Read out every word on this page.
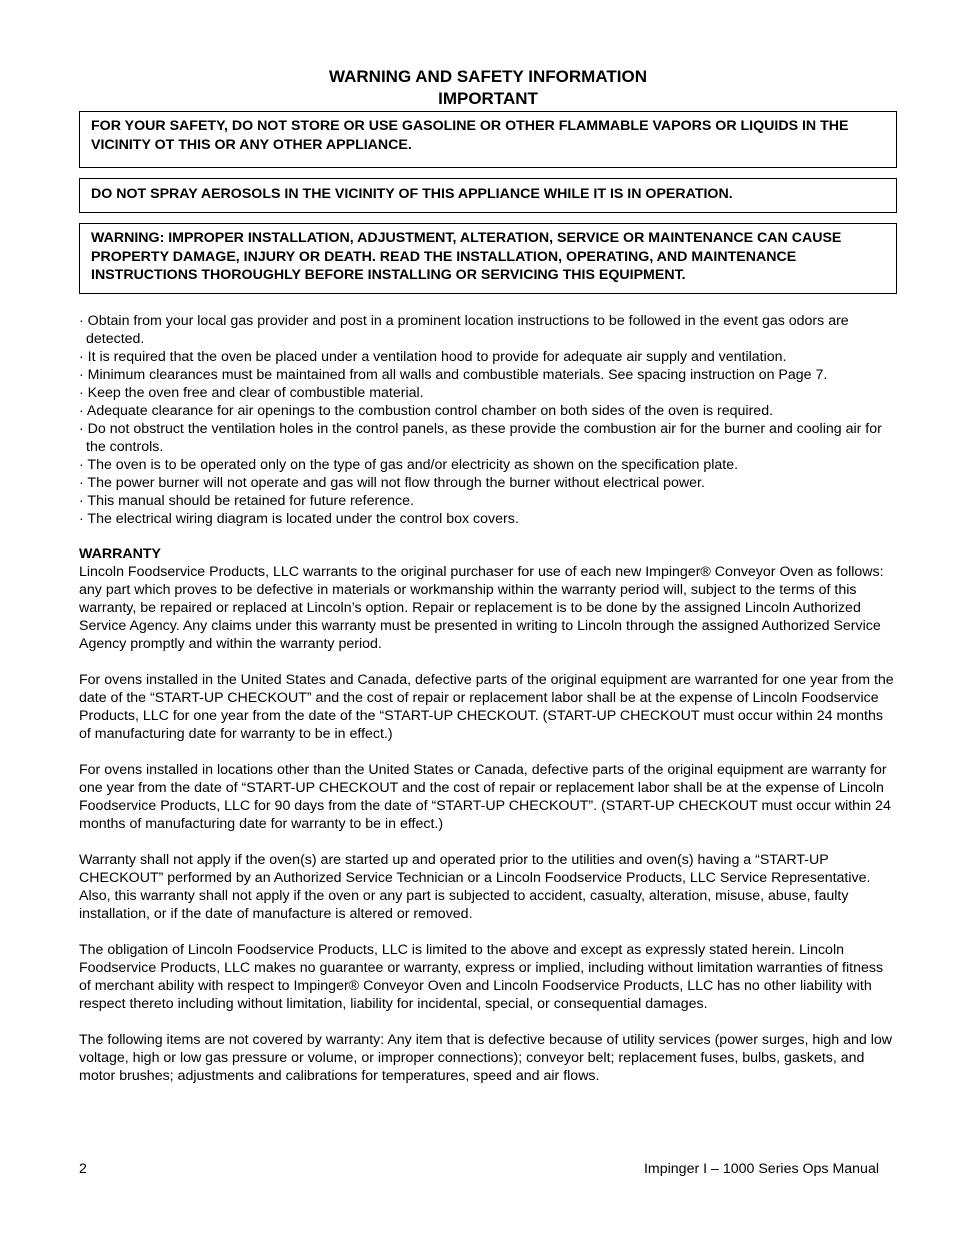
WARNING AND SAFETY INFORMATION
IMPORTANT
FOR YOUR SAFETY, DO NOT STORE OR USE GASOLINE OR OTHER FLAMMABLE VAPORS OR LIQUIDS IN THE VICINITY OT THIS OR ANY OTHER APPLIANCE.
DO NOT SPRAY AEROSOLS IN THE VICINITY OF THIS APPLIANCE WHILE IT IS IN OPERATION.
WARNING: IMPROPER INSTALLATION, ADJUSTMENT, ALTERATION, SERVICE OR MAINTENANCE CAN CAUSE PROPERTY DAMAGE, INJURY OR DEATH. READ THE INSTALLATION, OPERATING, AND MAINTENANCE INSTRUCTIONS THOROUGHLY BEFORE INSTALLING OR SERVICING THIS EQUIPMENT.
· Obtain from your local gas provider and post in a prominent location instructions to be followed in the event gas odors are detected.
· It is required that the oven be placed under a ventilation hood to provide for adequate air supply and ventilation.
· Minimum clearances must be maintained from all walls and combustible materials. See spacing instruction on Page 7.
· Keep the oven free and clear of combustible material.
· Adequate clearance for air openings to the combustion control chamber on both sides of the oven is required.
· Do not obstruct the ventilation holes in the control panels, as these provide the combustion air for the burner and cooling air for the controls.
· The oven is to be operated only on the type of gas and/or electricity as shown on the specification plate.
· The power burner will not operate and gas will not flow through the burner without electrical power.
· This manual should be retained for future reference.
· The electrical wiring diagram is located under the control box covers.
WARRANTY

Lincoln Foodservice Products, LLC warrants to the original purchaser for use of each new Impinger® Conveyor Oven as follows: any part which proves to be defective in materials or workmanship within the warranty period will, subject to the terms of this warranty, be repaired or replaced at Lincoln’s option. Repair or replacement is to be done by the assigned Lincoln Authorized Service Agency. Any claims under this warranty must be presented in writing to Lincoln through the assigned Authorized Service Agency promptly and within the warranty period.

For ovens installed in the United States and Canada, defective parts of the original equipment are warranted for one year from the date of the “START-UP CHECKOUT” and the cost of repair or replacement labor shall be at the expense of Lincoln Foodservice Products, LLC for one year from the date of the “START-UP CHECKOUT. (START-UP CHECKOUT must occur within 24 months of manufacturing date for warranty to be in effect.)

For ovens installed in locations other than the United States or Canada, defective parts of the original equipment are warranty for one year from the date of “START-UP CHECKOUT and the cost of repair or replacement labor shall be at the expense of Lincoln Foodservice Products, LLC for 90 days from the date of “START-UP CHECKOUT”. (START-UP CHECKOUT must occur within 24 months of manufacturing date for warranty to be in effect.)

Warranty shall not apply if the oven(s) are started up and operated prior to the utilities and oven(s) having a “START-UP CHECKOUT” performed by an Authorized Service Technician or a Lincoln Foodservice Products, LLC Service Representative. Also, this warranty shall not apply if the oven or any part is subjected to accident, casualty, alteration, misuse, abuse, faulty installation, or if the date of manufacture is altered or removed.

The obligation of Lincoln Foodservice Products, LLC is limited to the above and except as expressly stated herein. Lincoln Foodservice Products, LLC makes no guarantee or warranty, express or implied, including without limitation warranties of fitness of merchant ability with respect to Impinger® Conveyor Oven and Lincoln Foodservice Products, LLC has no other liability with respect thereto including without limitation, liability for incidental, special, or consequential damages.

The following items are not covered by warranty: Any item that is defective because of utility services (power surges, high and low voltage, high or low gas pressure or volume, or improper connections); conveyor belt; replacement fuses, bulbs, gaskets, and motor brushes; adjustments and calibrations for temperatures, speed and air flows.

2	Impinger I – 1000 Series Ops Manual
